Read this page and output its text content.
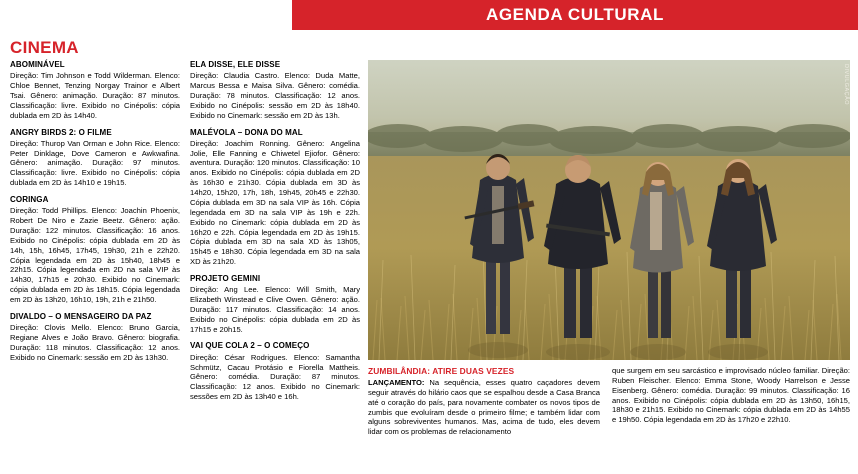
AGENDA CULTURAL
CINEMA
ABOMINÁVEL
Direção: Tim Johnson e Todd Wilderman. Elenco: Chloe Bennet, Tenzing Norgay Trainor e Albert Tsai. Gênero: animação. Duração: 87 minutos. Classificação: livre. Exibido no Cinépolis: cópia dublada em 2D às 14h40.
ANGRY BIRDS 2: O FILME
Direção: Thurop Van Orman e John Rice. Elenco: Peter Dinklage, Dove Cameron e Awkwafina. Gênero: animação. Duração: 97 minutos. Classificação: livre. Exibido no Cinépolis: cópia dublada em 2D às 14h10 e 19h15.
CORINGA
Direção: Todd Phillips. Elenco: Joachin Phoenix, Robert De Niro e Zazie Beetz. Gênero: ação. Duração: 122 minutos. Classificação: 16 anos. Exibido no Cinépolis: cópia dublada em 2D às 14h, 15h, 16h45, 17h45, 19h30, 21h e 22h20. Cópia legendada em 2D às 15h40, 18h45 e 22h15. Cópia legendada em 2D na sala VIP às 14h30, 17h15 e 20h30. Exibido no Cinemark: cópia dublada em 2D às 18h15. Cópia legendada em 2D às 13h20, 16h10, 19h, 21h e 21h50.
DIVALDO – O MENSAGEIRO DA PAZ
Direção: Clovis Mello. Elenco: Bruno Garcia, Regiane Alves e João Bravo. Gênero: biografia. Duração: 118 minutos. Classificação: 12 anos. Exibido no Cinemark: sessão em 2D às 13h30.
ELA DISSE, ELE DISSE
Direção: Claudia Castro. Elenco: Duda Matte, Marcus Bessa e Maisa Silva. Gênero: comédia. Duração: 78 minutos. Classificação: 12 anos. Exibido no Cinépolis: sessão em 2D às 18h40. Exibido no Cinemark: sessão em 2D às 13h.
MALÉVOLA – DONA DO MAL
Direção: Joachim Ronning. Gênero: Angelina Jolie, Elle Fanning e Chiwetel Ejiofor. Gênero: aventura. Duração: 120 minutos. Classificação: 10 anos. Exibido no Cinépolis: cópia dublada em 2D às 16h30 e 21h30. Cópia dublada em 3D às 14h20, 15h20, 17h, 18h, 19h45, 20h45 e 22h30. Cópia dublada em 3D na sala VIP às 16h. Cópia legendada em 3D na sala VIP às 19h e 22h. Exibido no Cinemark: cópia dublada em 2D às 16h20 e 22h. Cópia legendada em 2D às 19h15. Cópia dublada em 3D na sala XD às 13h05, 15h45 e 18h30. Cópia legendada em 3D na sala XD às 21h20.
PROJETO GEMINI
Direção: Ang Lee. Elenco: Will Smith, Mary Elizabeth Winstead e Clive Owen. Gênero: ação. Duração: 117 minutos. Classificação: 14 anos. Exibido no Cinépolis: cópia dublada em 2D às 17h15 e 20h15.
VAI QUE COLA 2 – O COMEÇO
Direção: César Rodrigues. Elenco: Samantha Schmütz, Cacau Protásio e Fiorella Mattheis. Gênero: comédia. Duração: 87 minutos. Classificação: 12 anos. Exibido no Cinemark: sessões em 2D às 13h40 e 16h.
DIVULGAÇÃO
ZUMBILÂNDIA: ATIRE DUAS VEZES
LANÇAMENTO: Na sequência, esses quatro caçadores devem seguir através do hilário caos que se espalhou desde a Casa Branca até o coração do país, para novamente combater os novos tipos de zumbis que evoluíram desde o primeiro filme; e também lidar com alguns sobreviventes humanos. Mas, acima de tudo, eles devem lidar com os problemas de relacionamento
que surgem em seu sarcástico e improvisado núcleo familiar. Direção: Ruben Fleischer. Elenco: Emma Stone, Woody Harrelson e Jesse Eisenberg. Gênero: comédia. Duração: 99 minutos. Classificação: 16 anos. Exibido no Cinépolis: cópia dublada em 2D às 13h50, 16h15, 18h30 e 21h15. Exibido no Cinemark: cópia dublada em 2D às 14h55 e 19h50. Cópia legendada em 2D às 17h20 e 22h10.
